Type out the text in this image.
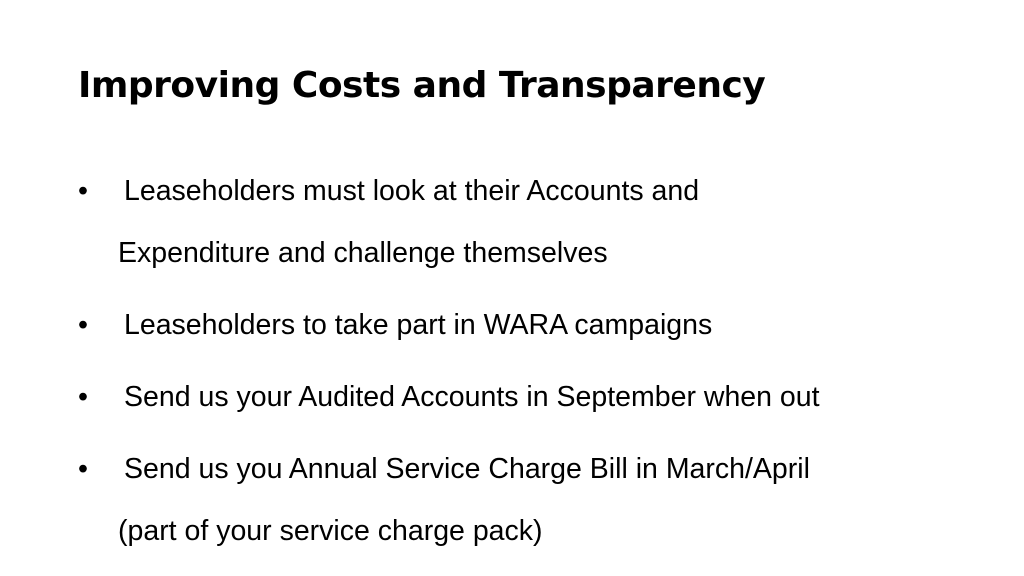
Improving Costs and Transparency
• Leaseholders must look at their Accounts and
Expenditure and challenge themselves
• Leaseholders to take part in WARA campaigns
• Send us your Audited Accounts in September when out
• Send us you Annual Service Charge Bill in March/April
(part of your service charge pack)
